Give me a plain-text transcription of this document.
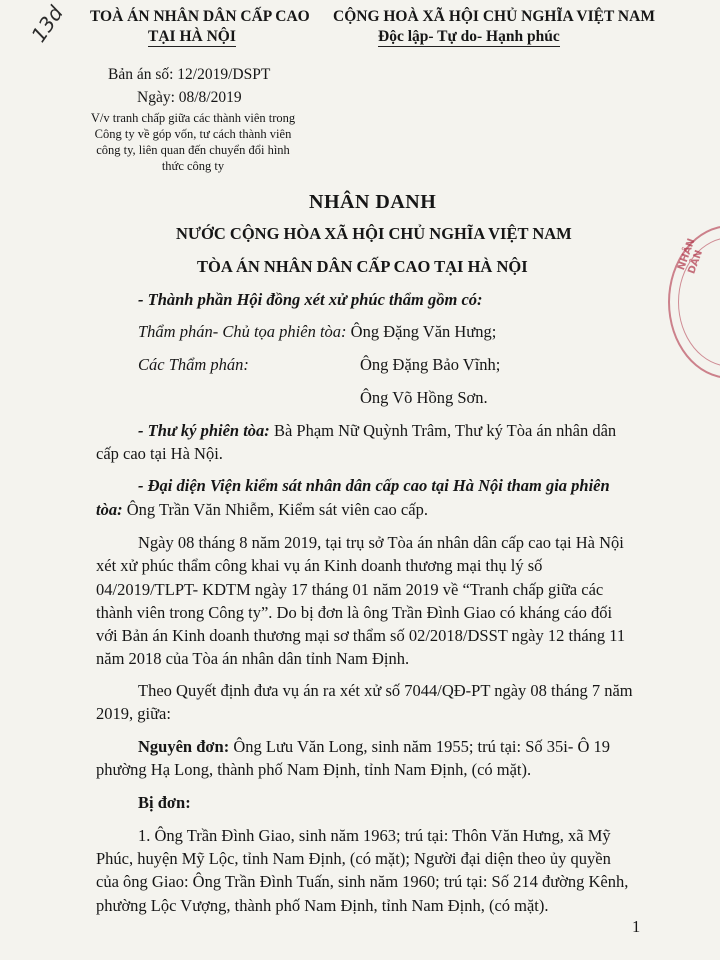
13d TOÀ ÁN NHÂN DÂN CẤP CAO
TẠI HÀ NỘI
CỘNG HOÀ XÃ HỘI CHỦ NGHĨA VIỆT NAM
Độc lập- Tự do- Hạnh phúc
Bản án số: 12/2019/DSPT
Ngày: 08/8/2019
V/v tranh chấp giữa các thành viên trong Công ty về góp vốn, tư cách thành viên công ty, liên quan đến chuyển đổi hình thức công ty
NHÂN DANH
NƯỚC CỘNG HÒA XÃ HỘI CHỦ NGHĨA VIỆT NAM
TÒA ÁN NHÂN DÂN CẤP CAO TẠI HÀ NỘI
- Thành phần Hội đồng xét xử phúc thẩm gồm có:
Thẩm phán- Chủ tọa phiên tòa: Ông Đặng Văn Hưng;
Các Thẩm phán:	Ông Đặng Bảo Vĩnh;
Ông Võ Hồng Sơn.
- Thư ký phiên tòa: Bà Phạm Nữ Quỳnh Trâm, Thư ký Tòa án nhân dân
cấp cao tại Hà Nội.
- Đại diện Viện kiểm sát nhân dân cấp cao tại Hà Nội tham gia phiên
tòa: Ông Trần Văn Nhiễm, Kiểm sát viên cao cấp.
Ngày 08 tháng 8 năm 2019, tại trụ sở Tòa án nhân dân cấp cao tại Hà Nội
xét xử phúc thẩm công khai vụ án Kinh doanh thương mại thụ lý số
04/2019/TLPT- KDTM ngày 17 tháng 01 năm 2019 về “Tranh chấp giữa các
thành viên trong Công ty”. Do bị đơn là ông Trần Đình Giao có kháng cáo đối
với Bản án Kinh doanh thương mại sơ thẩm số 02/2018/DSST ngày 12 tháng 11
năm 2018 của Tòa án nhân dân tỉnh Nam Định.
Theo Quyết định đưa vụ án ra xét xử số 7044/QĐ-PT ngày 08 tháng 7 năm
2019, giữa:
Nguyên đơn: Ông Lưu Văn Long, sinh năm 1955; trú tại: Số 35i- Ô 19
phường Hạ Long, thành phố Nam Định, tỉnh Nam Định, (có mặt).
Bị đơn:
1. Ông Trần Đình Giao, sinh năm 1963; trú tại: Thôn Văn Hưng, xã Mỹ
Phúc, huyện Mỹ Lộc, tỉnh Nam Định, (có mặt); Người đại diện theo ủy quyền
của ông Giao: Ông Trần Đình Tuấn, sinh năm 1960; trú tại: Số 214 đường Kênh,
phường Lộc Vượng, thành phố Nam Định, tỉnh Nam Định, (có mặt).
1
NHÂN DÂN
